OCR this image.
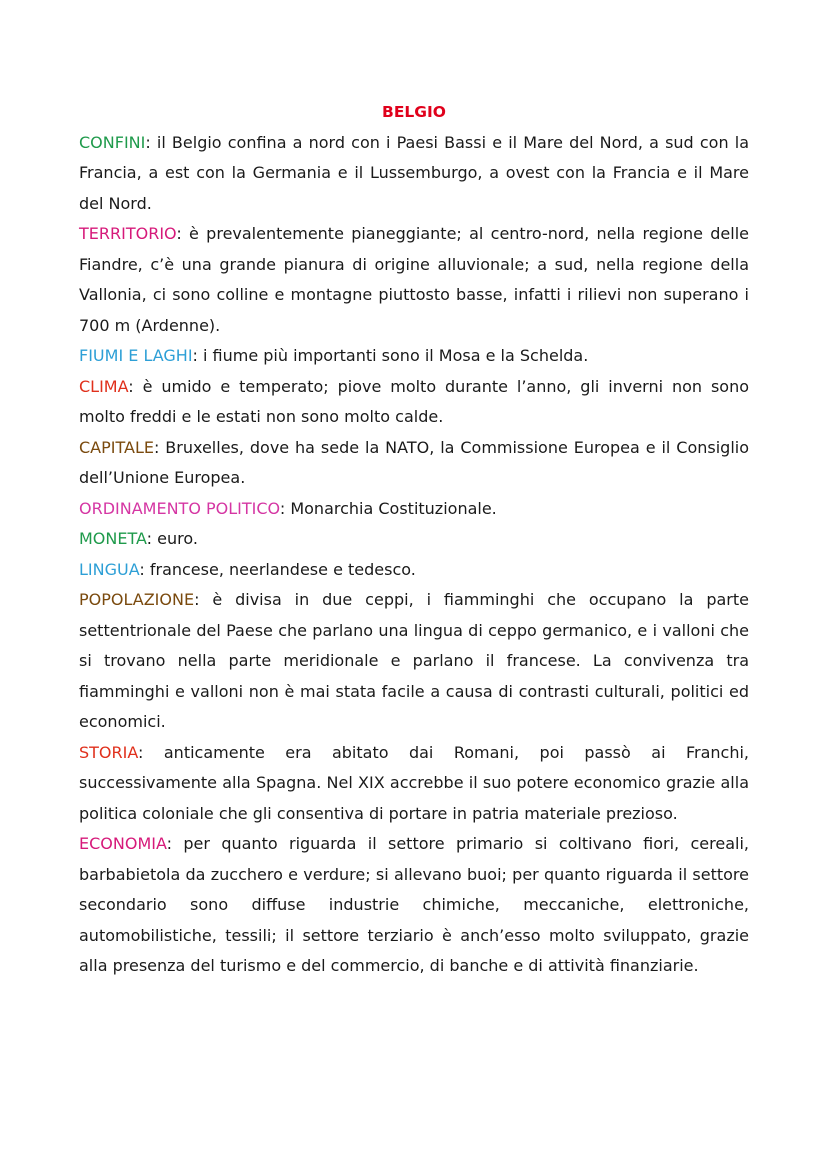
BELGIO

CONFINI: il Belgio confina a nord con i Paesi Bassi e il Mare del Nord, a sud con la Francia, a est con la Germania e il Lussemburgo, a ovest con la Francia e il Mare del Nord.

TERRITORIO: è prevalentemente pianeggiante; al centro-nord, nella regione delle Fiandre, c’è una grande pianura di origine alluvionale; a sud, nella regione della Vallonia, ci sono colline e montagne piuttosto basse, infatti i rilievi non superano i 700 m (Ardenne).

FIUMI E LAGHI: i fiume più importanti sono il Mosa e la Schelda.

CLIMA: è umido e temperato; piove molto durante l’anno, gli inverni non sono molto freddi e le estati non sono molto calde.

CAPITALE: Bruxelles, dove ha sede la NATO, la Commissione Europea e il Consiglio dell’Unione Europea.

ORDINAMENTO POLITICO: Monarchia Costituzionale.

MONETA: euro.

LINGUA: francese, neerlandese e tedesco.

POPOLAZIONE: è divisa in due ceppi, i fiamminghi che occupano la parte settentrionale del Paese che parlano una lingua di ceppo germanico, e i valloni che si trovano nella parte meridionale e parlano il francese. La convivenza tra fiamminghi e valloni non è mai stata facile a causa di contrasti culturali, politici ed economici.

STORIA: anticamente era abitato dai Romani, poi passò ai Franchi, successivamente alla Spagna. Nel XIX accrebbe il suo potere economico grazie alla politica coloniale che gli consentiva di portare in patria materiale prezioso.

ECONOMIA: per quanto riguarda il settore primario si coltivano fiori, cereali, barbabietola da zucchero e verdure; si allevano buoi; per quanto riguarda il settore secondario sono diffuse industrie chimiche, meccaniche, elettroniche, automobilistiche, tessili; il settore terziario è anch’esso molto sviluppato, grazie alla presenza del turismo e del commercio, di banche e di attività finanziarie.
